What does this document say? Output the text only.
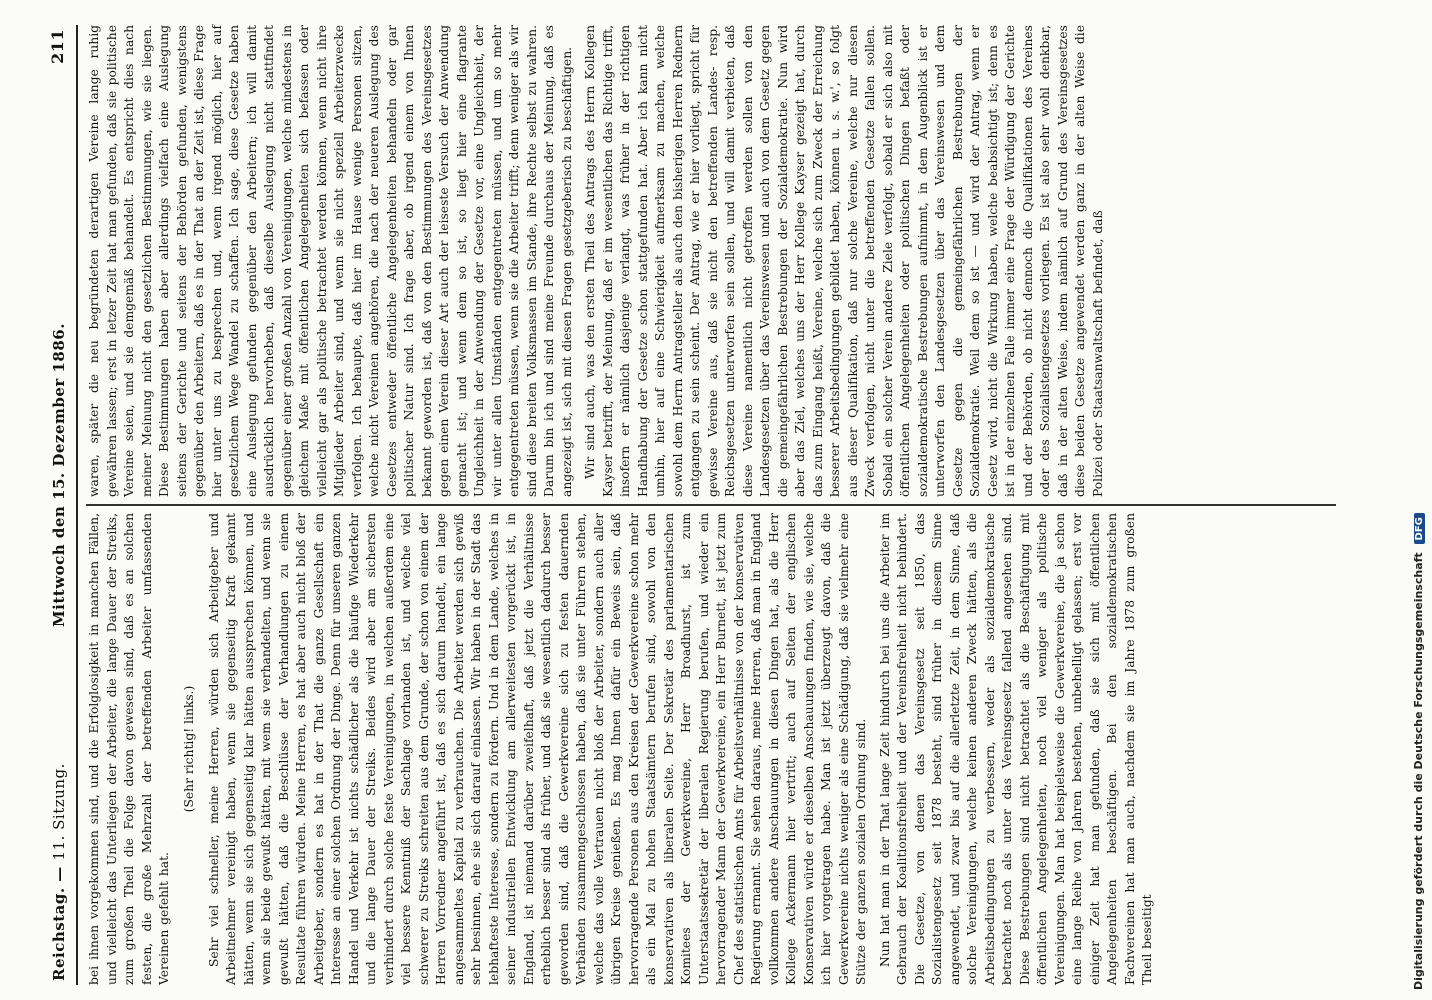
Reichstag. — 11. Sitzung.
Mittwoch den 15. Dezember 1886.
211

bei ihnen vorgekommen sind, und die Erfolglosigkeit in manchen Fällen, und vielleicht das Unterliegen der Arbeiter, die lange Dauer der Streiks, zum großen Theil die Folge davon gewesen sind, daß es an solchen festen, die große Mehrzahl der betreffenden Arbeiter umfassenden Vereinen gefehlt hat.

(Sehr richtig! links.) Sehr viel schneller, meine Herren, würden sich Arbeitgeber und Arbeitnehmer vereinigt haben, wenn sie gegenseitig Kraft gekannt hätten, wenn sie sich gegenseitig klar hätten aussprechen können, und wenn sie beide gewußt hätten, mit wem sie verhandelten, und wenn sie gewußt hätten, daß die Beschlüsse der Verhandlungen zu einem Resultate führen würden. Meine Herren, es hat aber auch nicht bloß der Arbeitgeber, sondern es hat in der That die ganze Gesellschaft ein Interesse an einer solchen Ordnung der Dinge. Denn für unseren ganzen Handel und Verkehr ist nichts schädlicher als die häufige Wiederkehr und die lange Dauer der Streiks. Beides wird aber am sichersten verhindert durch solche feste Vereinigungen, in welchen außerdem eine viel bessere Kenntniß der Sachlage vorhanden ist, und welche viel schwerer zu Streiks schreiten aus dem Grunde, der schon von einem der Herren Vorredner angeführt ist, daß es sich darum handelt, ein lange angesammeltes Kapital zu verbrauchen. Die Arbeiter werden sich gewiß sehr besinnen, ehe sie sich darauf einlassen. Wir haben in der Stadt das lebhafteste Interesse, sondern zu fördern. Und in dem Lande, welches in seiner industriellen Entwicklung am allerweitesten vorgerückt ist, in England, ist niemand darüber zweifelhaft, daß jetzt die Verhältnisse erheblich besser sind als früher, und daß sie wesentlich dadurch besser geworden sind, daß die Gewerkvereine sich zu festen dauernden Verbänden zusammengeschlossen haben, daß sie unter Führern stehen, welche das volle Vertrauen nicht bloß der Arbeiter, sondern auch aller übrigen Kreise genießen. Es mag Ihnen dafür ein Beweis sein, daß hervorragende Personen aus den Kreisen der Gewerkvereine schon mehr als ein Mal zu hohen Staatsämtern berufen sind, sowohl von den konservativen als liberalen Seite. Der Sekretär des parlamentarischen Komitees der Gewerkvereine, Herr Broadhurst, ist zum Unterstaatssekretär der liberalen Regierung berufen, und wieder ein hervorragender Mann der Gewerkvereine, ein Herr Burnett, ist jetzt zum Chef des statistischen Amts für Arbeitsverhältnisse von der konservativen Regierung ernannt. Sie sehen daraus, meine Herren, daß man in England vollkommen andere Anschauungen in diesen Dingen hat, als die Herr Kollege Ackermann hier vertritt; auch auf Seiten der englischen Konservativen würde er dieselben Anschauungen finden, wie sie, welche ich hier vorgetragen habe. Man ist jetzt überzeugt davon, daß die Gewerkvereine nichts weniger als eine Schädigung, daß sie vielmehr eine Stütze der ganzen sozialen Ordnung sind. Nun hat man in der That lange Zeit hindurch bei uns die Arbeiter im Gebrauch der Koalitionsfreiheit und der Vereinsfreiheit nicht behindert. Die Gesetze, von denen das Vereinsgesetz seit 1850, das Sozialistengesetz seit 1878 besteht, sind früher in diesem Sinne angewendet, und zwar bis auf die allerletzte Zeit, in dem Sinne, daß solche Vereinigungen, welche keinen anderen Zweck hätten, als die Arbeitsbedingungen zu verbessern, weder als sozialdemokratische betrachtet noch als unter das Vereinsgesetz fallend angesehen sind. Diese Bestrebungen sind nicht betrachtet als die Beschäftigung mit öffentlichen Angelegenheiten, noch viel weniger als politische Vereinigungen. Man hat beispielsweise die Gewerkvereine, die ja schon eine lange Reihe von Jahren bestehen, unbehelligt gelassen; erst vor einiger Zeit hat man gefunden, daß sie sich mit öffentlichen Angelegenheiten beschäftigen. Bei den sozialdemokratischen Fachvereinen hat man auch, nachdem sie im Jahre 1878 zum großen Theil beseitigt

waren, später die neu begründeten derartigen Vereine lange ruhig gewähren lassen; erst in letzer Zeit hat man gefunden, daß sie politische Vereine seien, und sie demgemäß behandelt. Es entspricht dies nach meiner Meinung nicht den gesetzlichen Bestimmungen, wie sie liegen. Diese Bestimmungen haben aber allerdings vielfach eine Auslegung seitens der Gerichte und seitens der Behörden gefunden, wenigstens gegenüber den Arbeitern, daß es in der That an der Zeit ist, diese Frage hier unter uns zu besprechen und, wenn irgend möglich, hier auf gesetzlichem Wege Wandel zu schaffen. Ich sage, diese Gesetze haben eine Auslegung gefunden gegenüber den Arbeitern; ich will damit ausdrücklich hervorheben, daß dieselbe Auslegung nicht stattfindet gegenüber einer großen Anzahl von Vereinigungen, welche mindestens in gleichem Maße mit öffentlichen Angelegenheiten sich befassen oder vielleicht gar als politische betrachtet werden können, wenn nicht ihre Mitglieder Arbeiter sind, und wenn sie nicht speziell Arbeiterzwecke verfolgen. Ich behaupte, daß hier im Hause wenige Personen sitzen, welche nicht Vereinen angehören, die nach der neueren Auslegung des Gesetzes entweder öffentliche Angelegenheiten behandeln oder gar politischer Natur sind. Ich frage aber, ob irgend einem von Ihnen bekannt geworden ist, daß von den Bestimmungen des Vereinsgesetzes gegen einen Verein dieser Art auch der leiseste Versuch der Anwendung gemacht ist; und wenn dem so ist, so liegt hier eine flagrante Ungleichheit in der Anwendung der Gesetze vor, eine Ungleichheit, der wir unter allen Umständen entgegentreten müssen, und um so mehr entgegentreten müssen, wenn sie die Arbeiter trifft; denn weniger als wir sind diese breiten Volksmassen im Stande, ihre Rechte selbst zu wahren. Darum bin ich und sind meine Freunde durchaus der Meinung, daß es angezeigt ist, sich mit diesen Fragen gesetzgeberisch zu beschäftigen. Wir sind auch, was den ersten Theil des Antrags des Herrn Kollegen Kayser betrifft, der Meinung, daß er im wesentlichen das Richtige trifft, insofern er nämlich dasjenige verlangt, was früher in der richtigen Handhabung der Gesetze schon stattgefunden hat. Aber ich kann nicht umhin, hier auf eine Schwierigkeit aufmerksam zu machen, welche sowohl dem Herrn Antragsteller als auch den bisherigen Herren Rednern entgangen zu sein scheint. Der Antrag, wie er hier vorliegt, spricht für gewisse Vereine aus, daß sie nicht den betreffenden Landes- resp. Reichsgesetzen unterworfen sein sollen, und will damit verbieten, daß diese Vereine namentlich nicht getroffen werden sollen von den Landesgesetzen über das Vereinswesen und auch von dem Gesetz gegen die gemeingefährlichen Bestrebungen der Sozialdemokratie. Nun wird aber das Ziel, welches uns der Herr Kollege Kayser gezeigt hat, durch das zum Eingang heißt, Vereine, welche sich zum Zweck der Erreichung besserer Arbeitsbedingungen gebildet haben, können u. s. w.', so folgt aus dieser Qualifikation, daß nur solche Vereine, welche nur diesen Zweck verfolgen, nicht unter die betreffenden Gesetze fallen sollen. Sobald ein solcher Verein andere Ziele verfolgt, sobald er sich also mit öffentlichen Angelegenheiten oder politischen Dingen befaßt oder sozialdemokratische Bestrebungen aufnimmt, in dem Augenblick ist er unterworfen den Landesgesetzen über das Vereinswesen und dem Gesetze gegen die gemeingefährlichen Bestrebungen der Sozialdemokratie. Weil dem so ist — und wird der Antrag, wenn er Gesetz wird, nicht die Wirkung haben, welche beabsichtigt ist; denn es ist in der einzelnen Falle immer eine Frage der Würdigung der Gerichte und der Behörden, ob nicht dennoch die Qualifikationen des Vereines oder des Sozialistengesetzes vorliegen. Es ist also sehr wohl denkbar, daß in der alten Weise, indem nämlich auf Grund des Vereinsgesetzes diese beiden Gesetze angewendet werden ganz in der alten Weise die Polizei oder Staatsanwaltschaft befindet, daß

Digitalisierung gefördert durch die Deutsche Forschungsgemeinschaft DFG
